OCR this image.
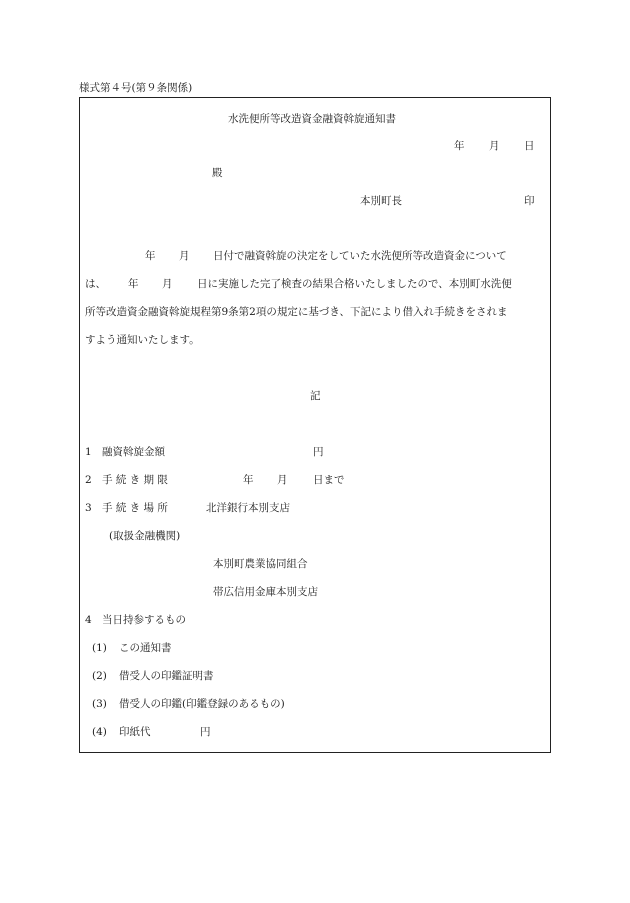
様式第４号(第９条関係)
水洗便所等改造資金融資斡旋通知書
年 月 日
殿
本別町長	印
年 月 日付で融資斡旋の決定をしていた水洗便所等改造資金について
は、 年 月 日に実施した完了検査の結果合格いたしましたので、本別町水洗便
所等改造資金融資斡旋規程第9条第2項の規定に基づき、下記により借入れ手続きをされま
すよう通知いたします。
記
1 融資斡旋金額	円
2 手 続 き 期 限	年 月 日まで
3 手 続 き 場 所	北洋銀行本別支店
(取扱金融機関)
本別町農業協同組合
帯広信用金庫本別支店
4 当日持参するもの
(1) この通知書
(2) 借受人の印鑑証明書
(3) 借受人の印鑑(印鑑登録のあるもの)
(4) 印紙代	円
